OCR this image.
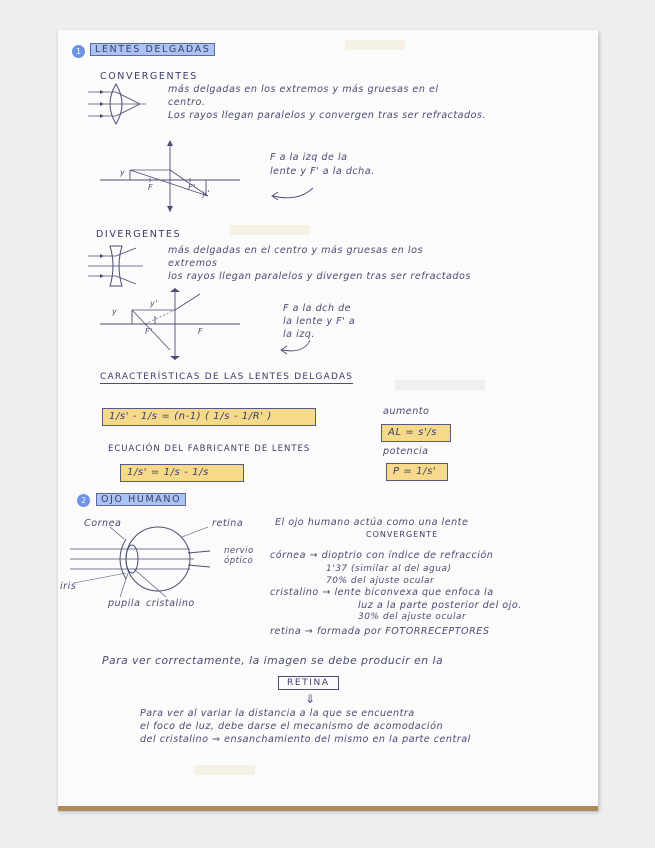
1	LENTES DELGADAS
CONVERGENTES
más delgadas en los extremos y más gruesas en el
centro.
Los rayos llegan paralelos y convergen tras ser refractados.
y
F	F'
y'
F a la izq de la
lente y F' a la dcha.
DIVERGENTES
más delgadas en el centro y más gruesas en los
extremos
los rayos llegan paralelos y divergen tras ser refractados
y
y'
F'	F
F a la dch de
la lente y F' a
la izq.
CARACTERÍSTICAS DE LAS LENTES DELGADAS
1/s' - 1/s = (n-1) ( 1/s - 1/R' )
ECUACIÓN DEL FABRICANTE DE LENTES
1/s' = 1/s - 1/s
aumento
AL = s'/s
potencia
P = 1/s'
2	OJO HUMANO
Cornea	retina
nervio
óptico
iris
pupila cristalino
El ojo humano actúa como una lente
CONVERGENTE
córnea → dioptrio con índice de refracción
1'37 (similar al del agua)
70% del ajuste ocular
cristalino → lente biconvexa que enfoca la
luz a la parte posterior del ojo.
30% del ajuste ocular
retina → formada por FOTORRECEPTORES
Para ver correctamente, la imagen se debe producir en la
RETINA
⇓
Para ver al variar la distancia a la que se encuentra
el foco de luz, debe darse el mecanismo de acomodación
del cristalino ⇒ ensanchamiento del mismo en la parte central
